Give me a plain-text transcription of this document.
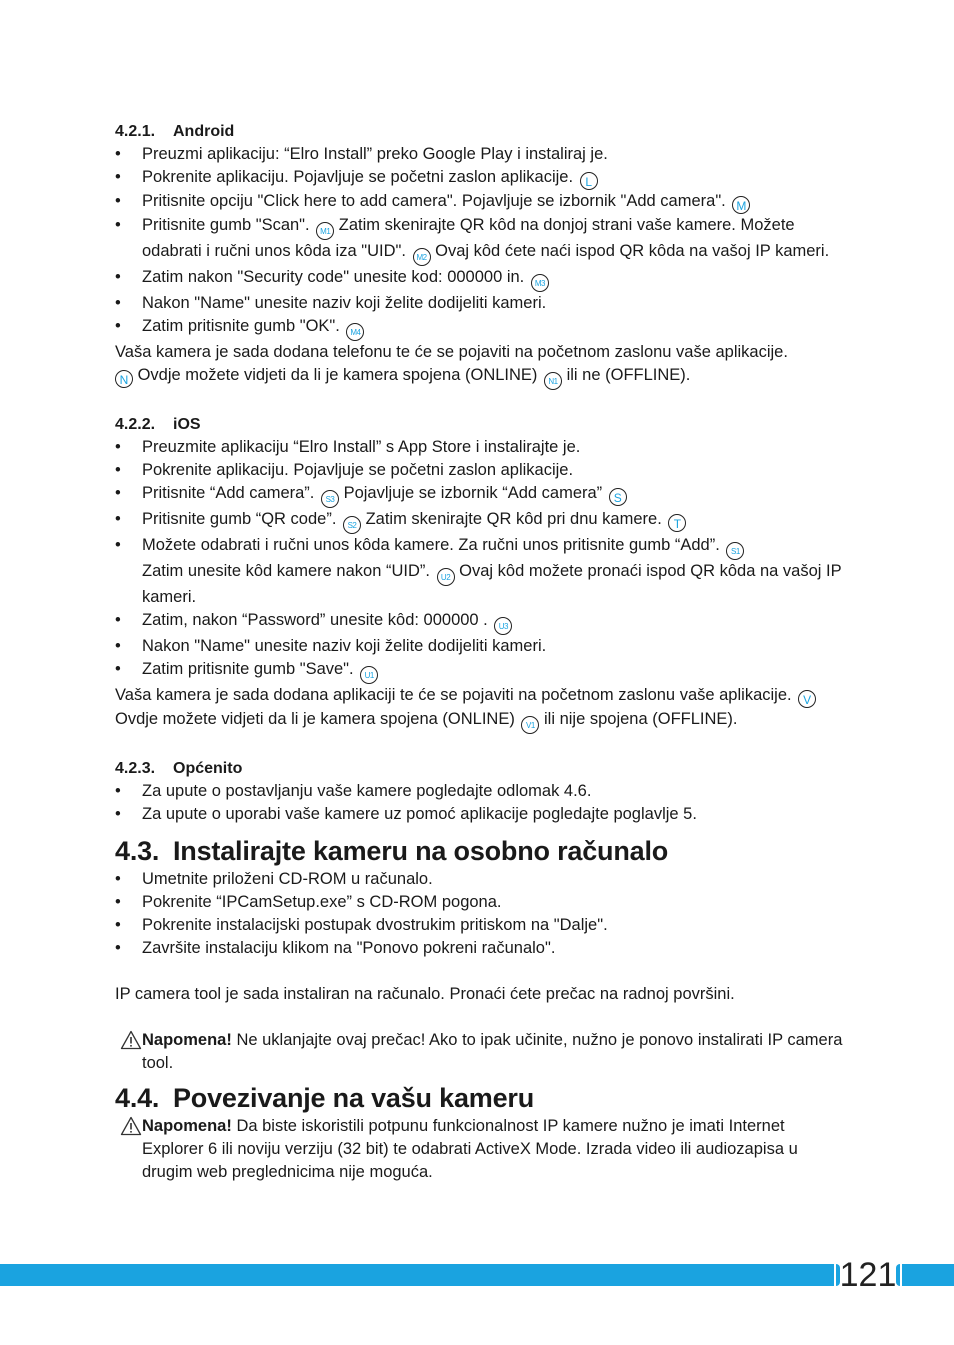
4.2.1. Android
• Preuzmi aplikaciju: “Elro Install” preko Google Play i instaliraj je.
• Pokrenite aplikaciju. Pojavljuje se početni zaslon aplikacije. L
• Pritisnite opciju "Click here to add camera". Pojavljuje se izbornik "Add camera". M
• Pritisnite gumb "Scan". M1 Zatim skenirajte QR kôd na donjoj strani vaše kamere. Možete odabrati i ručni unos kôda iza "UID". M2 Ovaj kôd ćete naći ispod QR kôda na vašoj IP kameri.
• Zatim nakon "Security code" unesite kod: 000000 in. M3
• Nakon "Name" unesite naziv koji želite dodijeliti kameri.
• Zatim pritisnite gumb "OK". M4

Vaša kamera je sada dodana telefonu te će se pojaviti na početnom zaslonu vaše aplikacije.
N Ovdje možete vidjeti da li je kamera spojena (ONLINE) N1 ili ne (OFFLINE).

4.2.2. iOS
• Preuzmite aplikaciju “Elro Install” s App Store i instalirajte je.
• Pokrenite aplikaciju. Pojavljuje se početni zaslon aplikacije.
• Pritisnite “Add camera”. S3 Pojavljuje se izbornik “Add camera” S
• Pritisnite gumb “QR code”. S2 Zatim skenirajte QR kôd pri dnu kamere. T
• Možete odabrati i ručni unos kôda kamere. Za ručni unos pritisnite gumb “Add”. S1
Zatim unesite kôd kamere nakon “UID”. U2 Ovaj kôd možete pronaći ispod QR kôda na vašoj IP kameri.
• Zatim, nakon “Password” unesite kôd: 000000 . U3
• Nakon "Name" unesite naziv koji želite dodijeliti kameri.
• Zatim pritisnite gumb "Save". U1

Vaša kamera je sada dodana aplikaciji te će se pojaviti na početnom zaslonu vaše aplikacije. V Ovdje možete vidjeti da li je kamera spojena (ONLINE) V1 ili nije spojena (OFFLINE).

4.2.3. Općenito
• Za upute o postavljanju vaše kamere pogledajte odlomak 4.6.
• Za upute o uporabi vaše kamere uz pomoć aplikacije pogledajte poglavlje 5.
4.3. Instalirajte kameru na osobno računalo
• Umetnite priloženi CD-ROM u računalo.
• Pokrenite “IPCamSetup.exe” s CD-ROM pogona.
• Pokrenite instalacijski postupak dvostrukim pritiskom na "Dalje".
• Završite instalaciju klikom na "Ponovo pokreni računalo".

IP camera tool je sada instaliran na računalo. Pronaći ćete prečac na radnoj površini.

Napomena! Ne uklanjajte ovaj prečac! Ako to ipak učinite, nužno je ponovo instalirati IP camera tool.
4.4. Povezivanje na vašu kameru
Napomena! Da biste iskoristili potpunu funkcionalnost IP kamere nužno je imati Internet Explorer 6 ili noviju verziju (32 bit) te odabrati ActiveX Mode. Izrada video ili audiozapisa u drugim web preglednicima nije moguća.
121
